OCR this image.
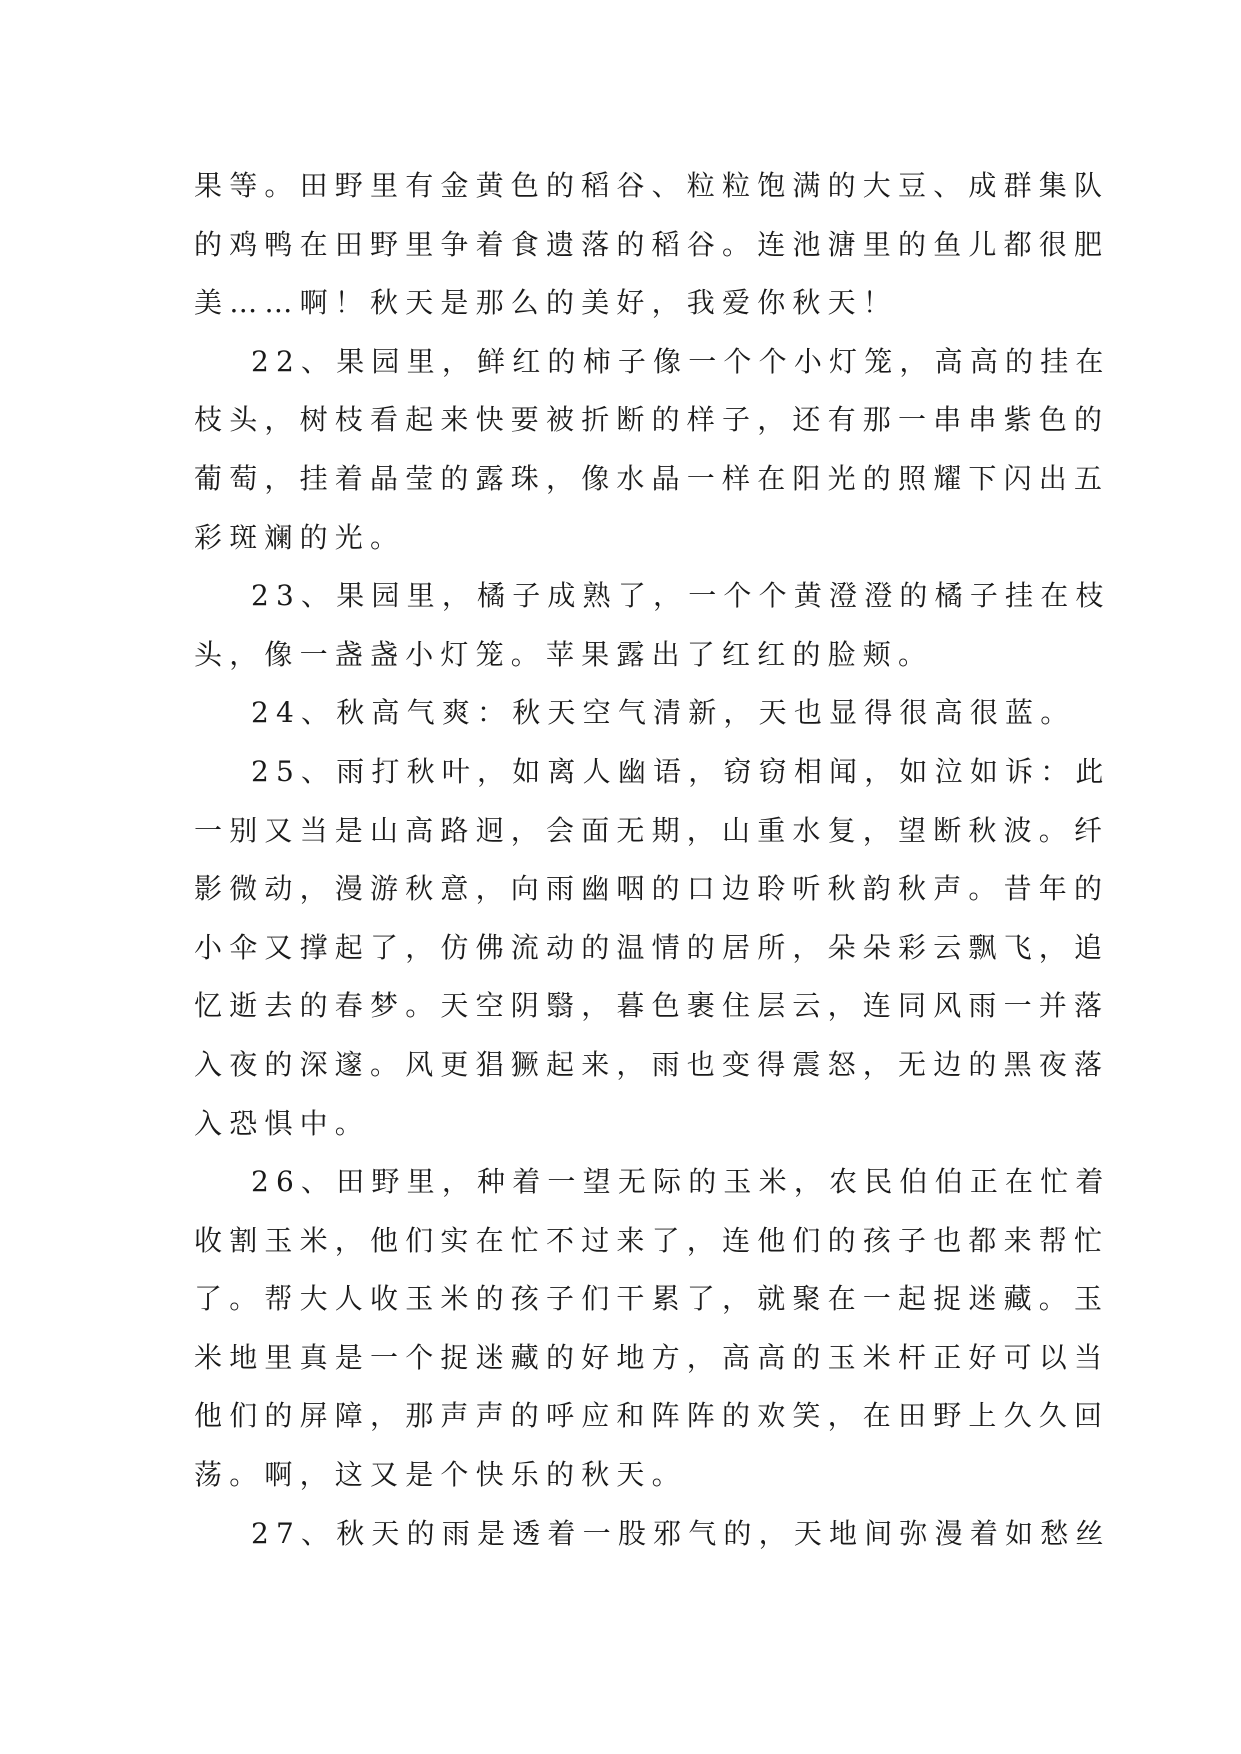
果等。田野里有金黄色的稻谷、粒粒饱满的大豆、成群集队
的鸡鸭在田野里争着食遗落的稻谷。连池溏里的鱼儿都很肥
美……啊！秋天是那么的美好，我爱你秋天！
22、果园里，鲜红的柿子像一个个小灯笼，高高的挂在
枝头，树枝看起来快要被折断的样子，还有那一串串紫色的
葡萄，挂着晶莹的露珠，像水晶一样在阳光的照耀下闪出五
彩斑斓的光。
23、果园里，橘子成熟了，一个个黄澄澄的橘子挂在枝
头，像一盏盏小灯笼。苹果露出了红红的脸颊。
24、秋高气爽：秋天空气清新，天也显得很高很蓝。
25、雨打秋叶，如离人幽语，窃窃相闻，如泣如诉：此
一别又当是山高路迥，会面无期，山重水复，望断秋波。纤
影微动，漫游秋意，向雨幽咽的口边聆听秋韵秋声。昔年的
小伞又撑起了，仿佛流动的温情的居所，朵朵彩云飘飞，追
忆逝去的春梦。天空阴翳，暮色裹住层云，连同风雨一并落
入夜的深邃。风更猖獗起来，雨也变得震怒，无边的黑夜落
入恐惧中。
26、田野里，种着一望无际的玉米，农民伯伯正在忙着
收割玉米，他们实在忙不过来了，连他们的孩子也都来帮忙
了。帮大人收玉米的孩子们干累了，就聚在一起捉迷藏。玉
米地里真是一个捉迷藏的好地方，高高的玉米杆正好可以当
他们的屏障，那声声的呼应和阵阵的欢笑，在田野上久久回
荡。啊，这又是个快乐的秋天。
27、秋天的雨是透着一股邪气的，天地间弥漫着如愁丝
